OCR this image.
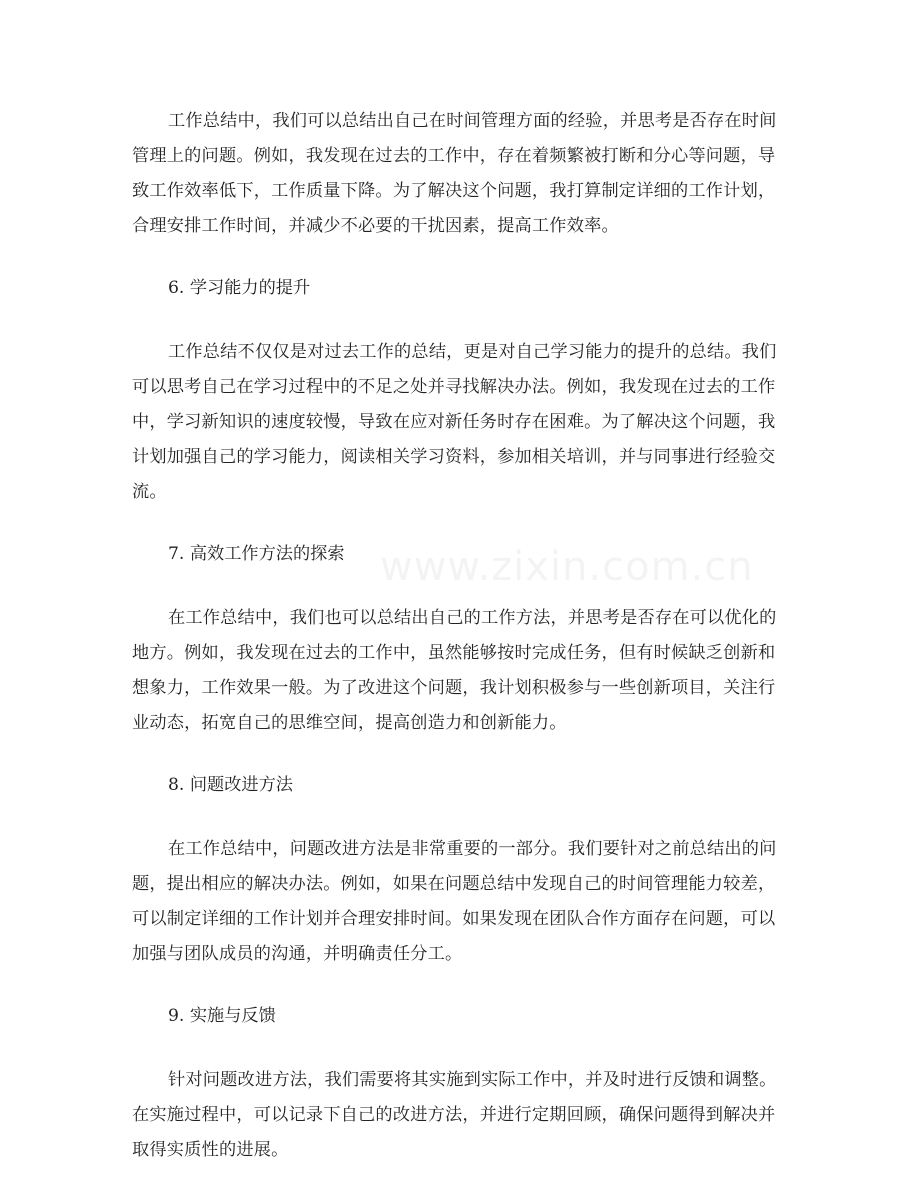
工作总结中，我们可以总结出自己在时间管理方面的经验，并思考是否存在时间管理上的问题。例如，我发现在过去的工作中，存在着频繁被打断和分心等问题，导致工作效率低下，工作质量下降。为了解决这个问题，我打算制定详细的工作计划，合理安排工作时间，并减少不必要的干扰因素，提高工作效率。

6. 学习能力的提升

工作总结不仅仅是对过去工作的总结，更是对自己学习能力的提升的总结。我们可以思考自己在学习过程中的不足之处并寻找解决办法。例如，我发现在过去的工作中，学习新知识的速度较慢，导致在应对新任务时存在困难。为了解决这个问题，我计划加强自己的学习能力，阅读相关学习资料，参加相关培训，并与同事进行经验交流。

7. 高效工作方法的探索

在工作总结中，我们也可以总结出自己的工作方法，并思考是否存在可以优化的地方。例如，我发现在过去的工作中，虽然能够按时完成任务，但有时候缺乏创新和想象力，工作效果一般。为了改进这个问题，我计划积极参与一些创新项目，关注行业动态，拓宽自己的思维空间，提高创造力和创新能力。

8. 问题改进方法

在工作总结中，问题改进方法是非常重要的一部分。我们要针对之前总结出的问题，提出相应的解决办法。例如，如果在问题总结中发现自己的时间管理能力较差，可以制定详细的工作计划并合理安排时间。如果发现在团队合作方面存在问题，可以加强与团队成员的沟通，并明确责任分工。

9. 实施与反馈

针对问题改进方法，我们需要将其实施到实际工作中，并及时进行反馈和调整。在实施过程中，可以记录下自己的改进方法，并进行定期回顾，确保问题得到解决并取得实质性的进展。
